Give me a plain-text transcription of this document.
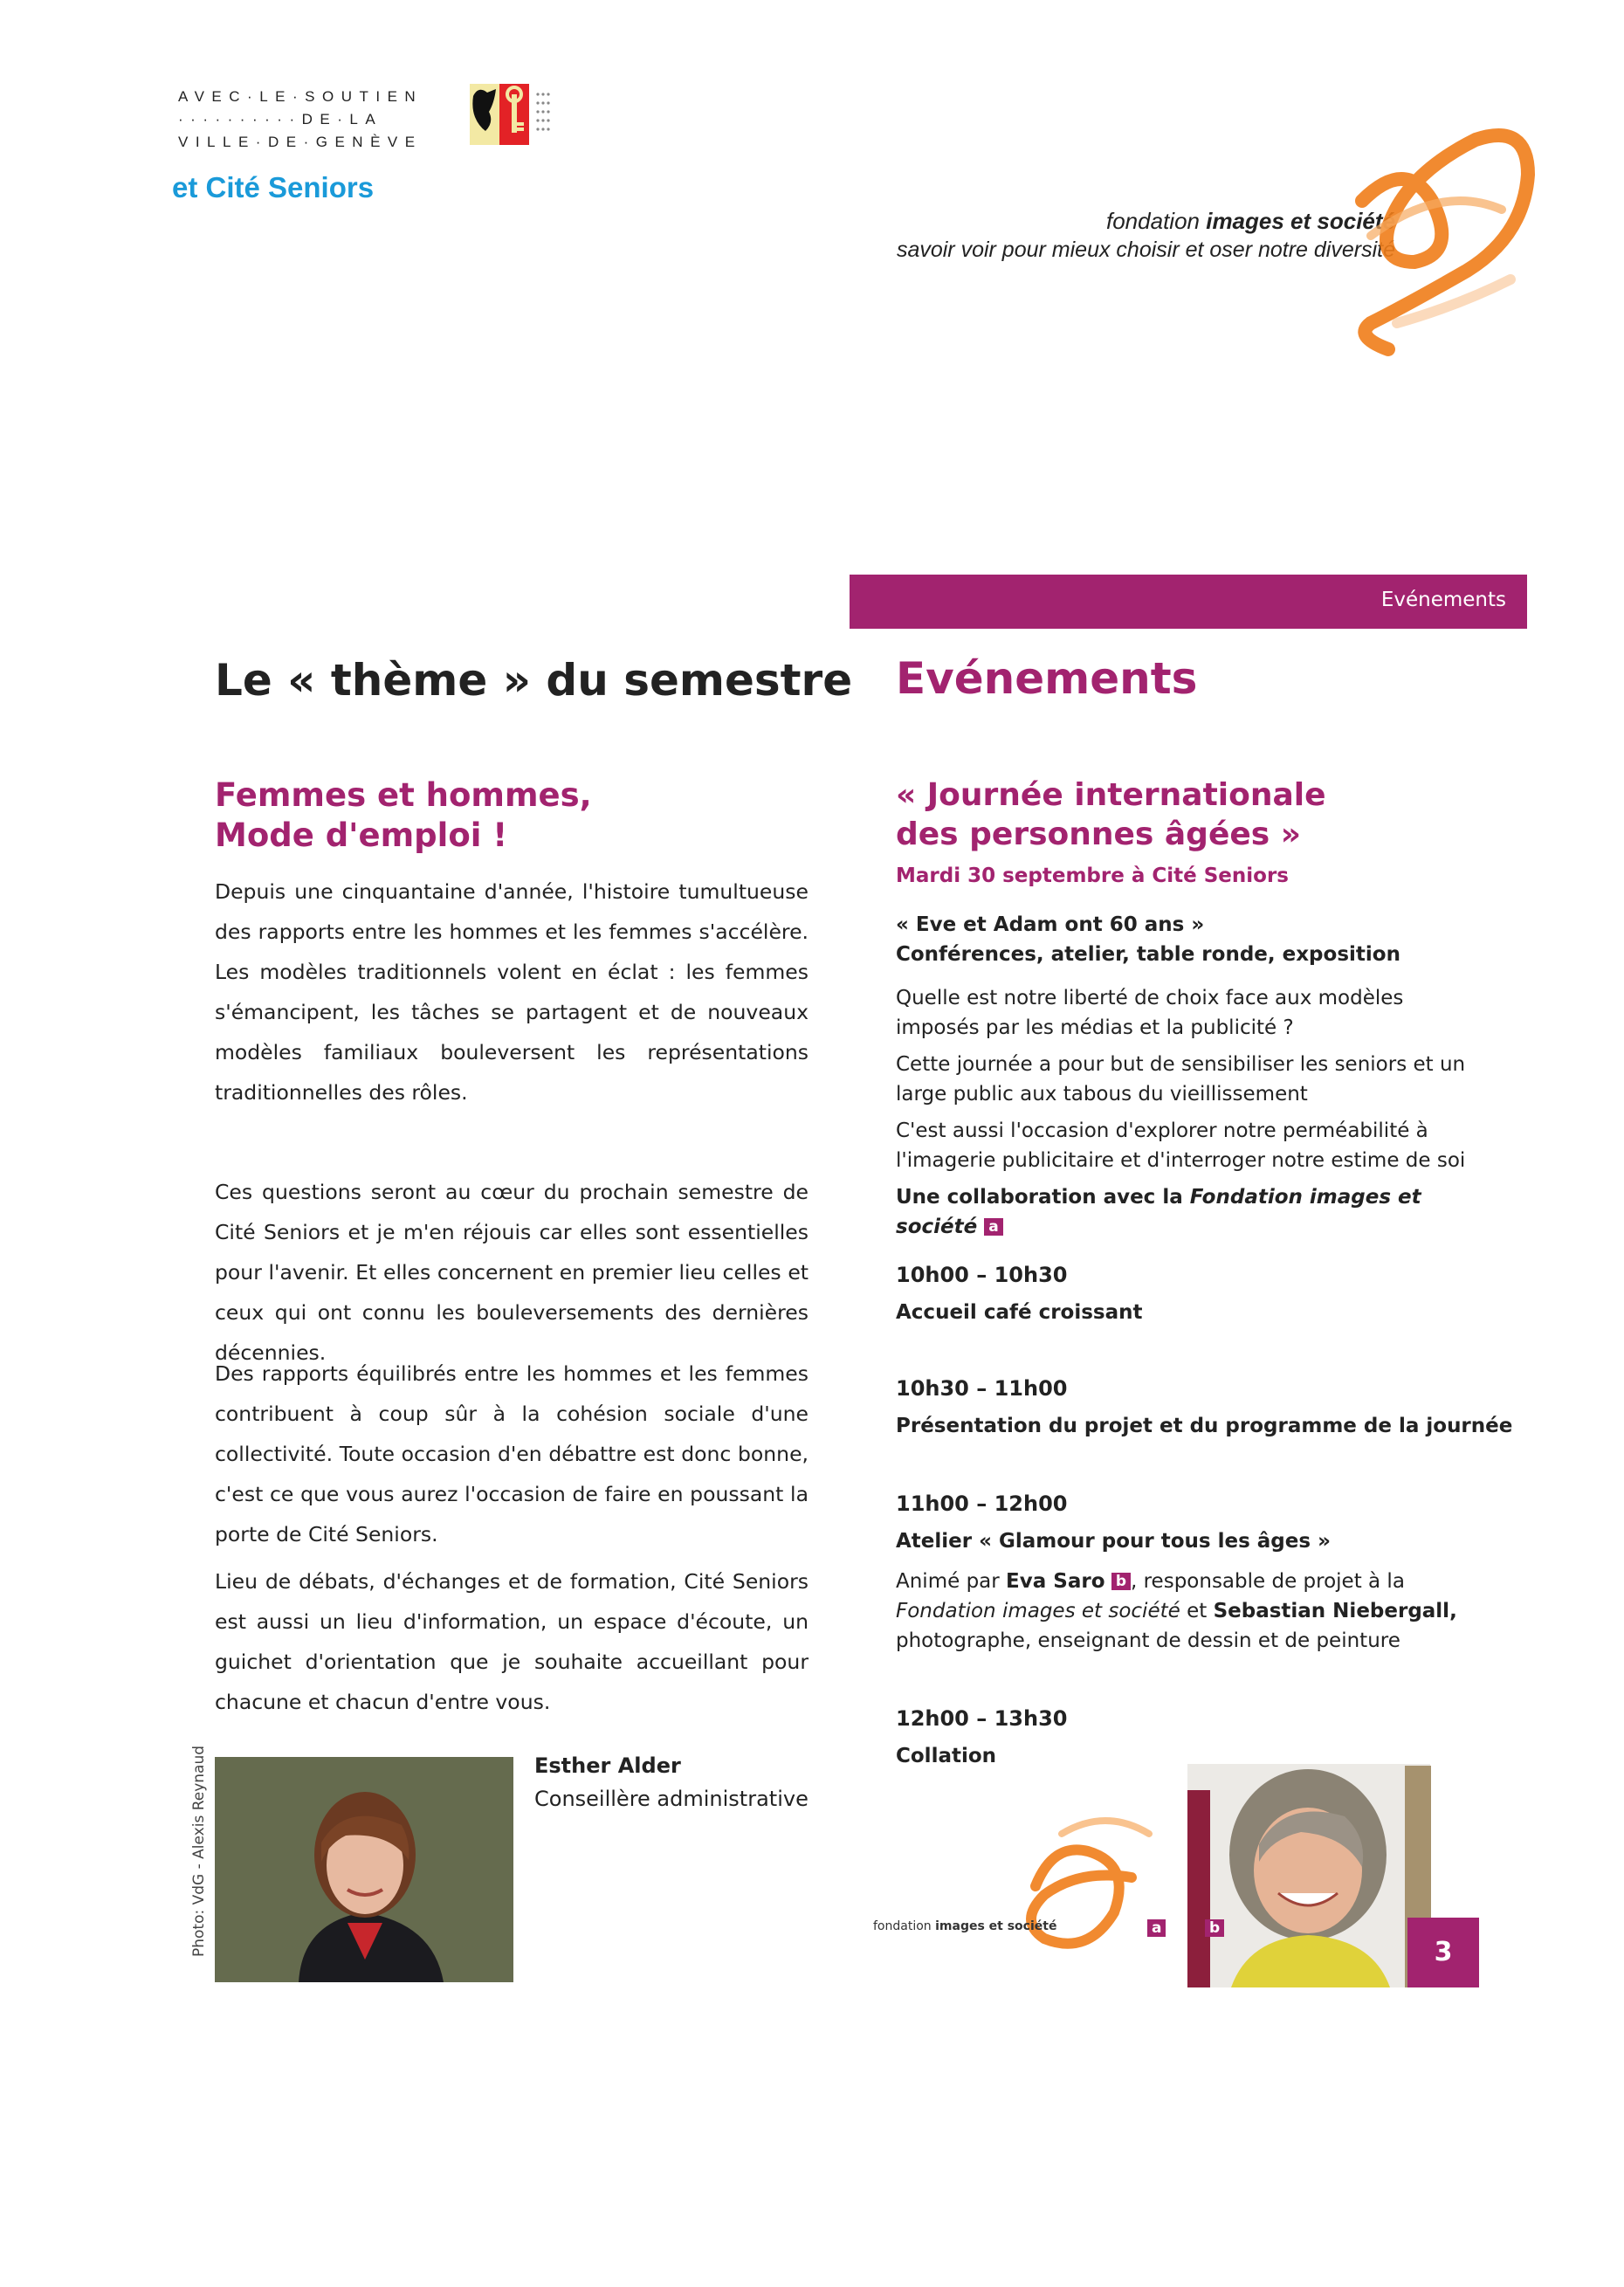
AVEC·LE·SOUTIEN
··········DE·LA
VILLE·DE·GENÈVE
et Cité Seniors
fondation images et société
savoir voir pour mieux choisir et oser notre diversité
Evénements
Le « thème » du semestre
Femmes et hommes,
Mode d'emploi !

Depuis une cinquantaine d'année, l'histoire tumultueuse des rapports entre les hommes et les femmes s'accélère. Les modèles traditionnels volent en éclat : les femmes s'émancipent, les tâches se partagent et de nouveaux modèles familiaux bouleversent les représentations traditionnelles des rôles.

Ces questions seront au cœur du prochain semestre de Cité Seniors et je m'en réjouis car elles sont essentielles pour l'avenir. Et elles concernent en premier lieu celles et ceux qui ont connu les bouleversements des dernières décennies.

Des rapports équilibrés entre les hommes et les femmes contribuent à coup sûr à la cohésion sociale d'une collectivité. Toute occasion d'en débattre est donc bonne, c'est ce que vous aurez l'occasion de faire en poussant la porte de Cité Seniors.

Lieu de débats, d'échanges et de formation, Cité Seniors est aussi un lieu d'information, un espace d'écoute, un guichet d'orientation que je souhaite accueillant pour chacune et chacun d'entre vous.

Photo: VdG - Alexis Reynaud	Esther Alder
Conseillère administrative
Evénements
« Journée internationale
des personnes âgées »
Mardi 30 septembre à Cité Seniors
« Eve et Adam ont 60 ans »
Conférences, atelier, table ronde, exposition

Quelle est notre liberté de choix face aux modèles imposés par les médias et la publicité ?

Cette journée a pour but de sensibiliser les seniors et un large public aux tabous du vieillissement

C'est aussi l'occasion d'explorer notre perméabilité à l'imagerie publicitaire et d'interroger notre estime de soi

Une collaboration avec la Fondation images et société a

10h00 – 10h30
Accueil café croissant
10h30 – 11h00
Présentation du projet et du programme de la journée
11h00 – 12h00
Atelier « Glamour pour tous les âges »

Animé par Eva Saro b , responsable de projet à la Fondation images et société et Sebastian Niebergall, photographe, enseignant de dessin et de peinture

12h00 – 13h30
Collation
fondation images et société	a	b
3
